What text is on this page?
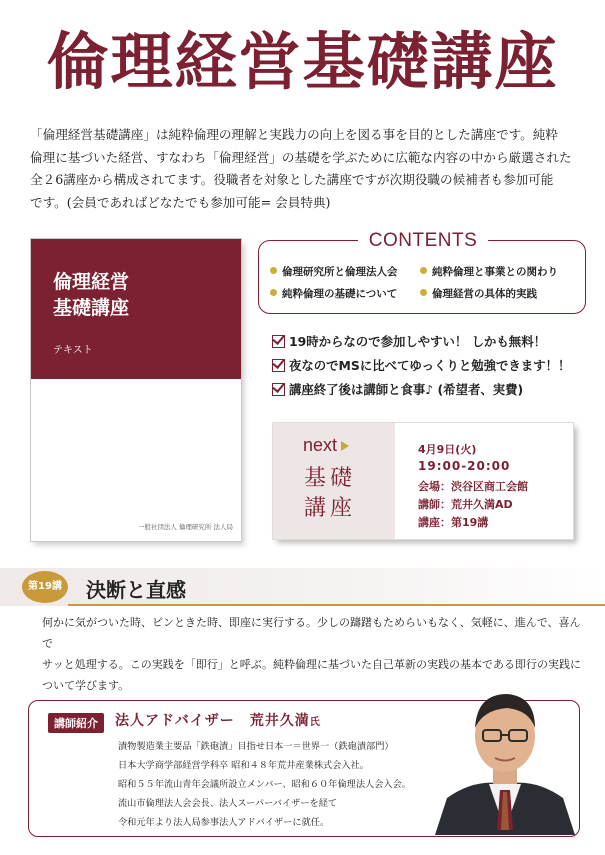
倫理経営基礎講座
「倫理経営基礎講座」は純粋倫理の理解と実践力の向上を図る事を目的とした講座です。純粋
倫理に基づいた経営、すなわち「倫理経営」の基礎を学ぶために広範な内容の中から厳選された
全２6講座から構成されてます。役職者を対象とした講座ですが次期役職の候補者も参加可能
です。(会員であればどなたでも参加可能= 会員特典)
倫理経営
基礎講座
テキスト
一般社団法人 倫理研究所 法人局
CONTENTS
倫理研究所と倫理法人会	純粋倫理と事業との関わり
純粋倫理の基礎について	倫理経営の具体的実践
19時からなので参加しやすい！ しかも無料！
夜なのでMSに比べてゆっくりと勉強できます！！
講座終了後は講師と食事♪ (希望者、実費)
next
基礎
講座
4月9日(火)
19:00-20:00
会場：渋谷区商工会館
講師：荒井久満AD
講座：第19講
第19講	決断と直感
何かに気がついた時、ピンときた時、即座に実行する。少しの躊躇もためらいもなく、気軽に、進んで、喜んで
サッと処理する。この実践を「即行」と呼ぶ。純粋倫理に基づいた自己革新の実践の基本である即行の実践に
ついて学びます。
講師紹介	法人アドバイザー　荒井久満氏
漬物製造業主要品「鉄砲漬」目指せ日本一＝世界一（鉄砲漬部門）
日本大学商学部経営学科卒 昭和４８年荒井産業株式会入社。
昭和５５年流山青年会議所設立メンバー、昭和６０年倫理法人会入会。
流山市倫理法人会会長、法人スーパーバイザーを経て
令和元年より法人局参事法人アドバイザーに就任。
